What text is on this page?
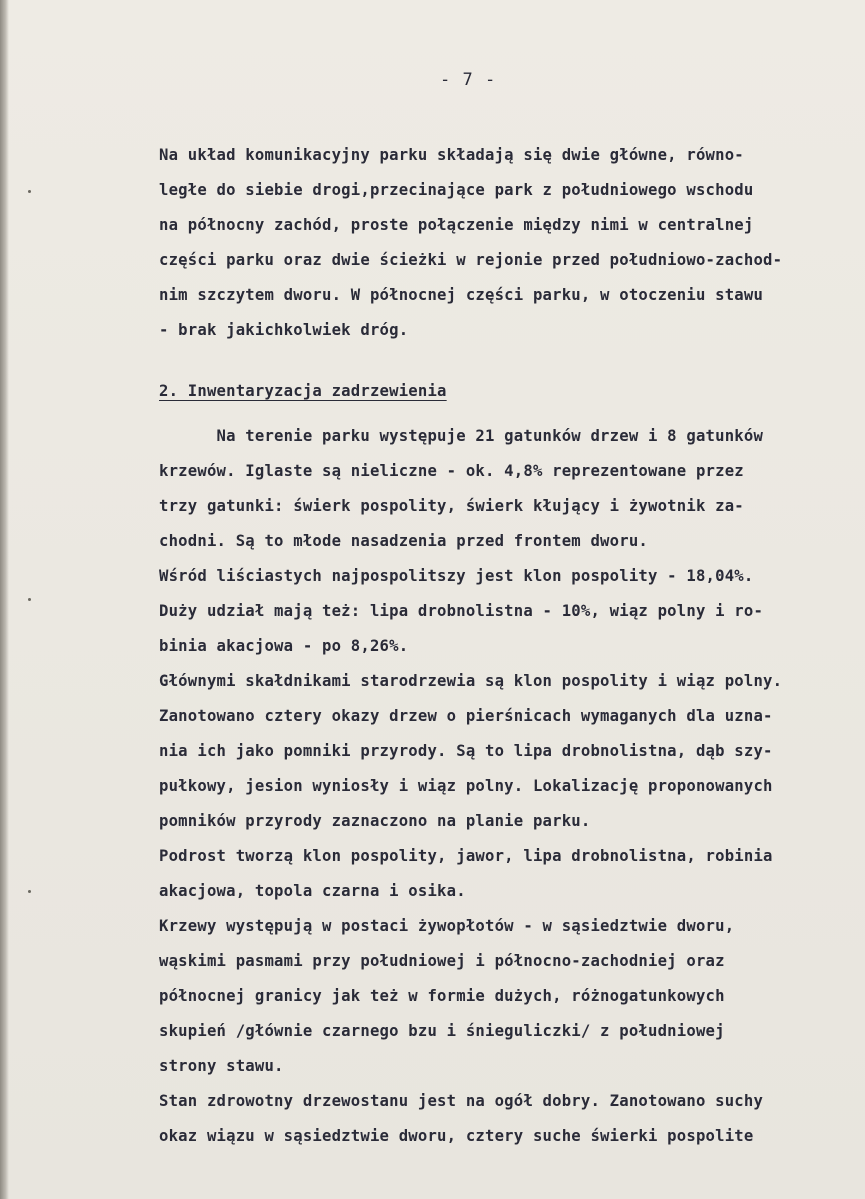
- 7 -
Na układ komunikacyjny parku składają się dwie główne, równo-
ległe do siebie drogi,przecinające park z południowego wschodu
na północny zachód, proste połączenie między nimi w centralnej
części parku oraz dwie ścieżki w rejonie przed południowo-zachod-
nim szczytem dworu. W północnej części parku, w otoczeniu stawu
- brak jakichkolwiek dróg.
2. Inwentaryzacja zadrzewienia
Na terenie parku występuje 21 gatunków drzew i 8 gatunków
krzewów. Iglaste są nieliczne - ok. 4,8% reprezentowane przez
trzy gatunki: świerk pospolity, świerk kłujący i żywotnik za-
chodni. Są to młode nasadzenia przed frontem dworu.
Wśród liściastych najpospolitszy jest klon pospolity - 18,04%.
Duży udział mają też: lipa drobnolistna - 10%, wiąz polny i ro-
binia akacjowa - po 8,26%.
Głównymi skałdnikami starodrzewia są klon pospolity i wiąz polny.
Zanotowano cztery okazy drzew o pierśnicach wymaganych dla uzna-
nia ich jako pomniki przyrody. Są to lipa drobnolistna, dąb szy-
pułkowy, jesion wyniosły i wiąz polny. Lokalizację proponowanych
pomników przyrody zaznaczono na planie parku.
Podrost tworzą klon pospolity, jawor, lipa drobnolistna, robinia
akacjowa, topola czarna i osika.
Krzewy występują w postaci żywopłotów - w sąsiedztwie dworu,
wąskimi pasmami przy południowej i północno-zachodniej oraz
północnej granicy jak też w formie dużych, różnogatunkowych
skupień /głównie czarnego bzu i śnieguliczki/ z południowej
strony stawu.
Stan zdrowotny drzewostanu jest na ogół dobry. Zanotowano suchy
okaz wiązu w sąsiedztwie dworu, cztery suche świerki pospolite
